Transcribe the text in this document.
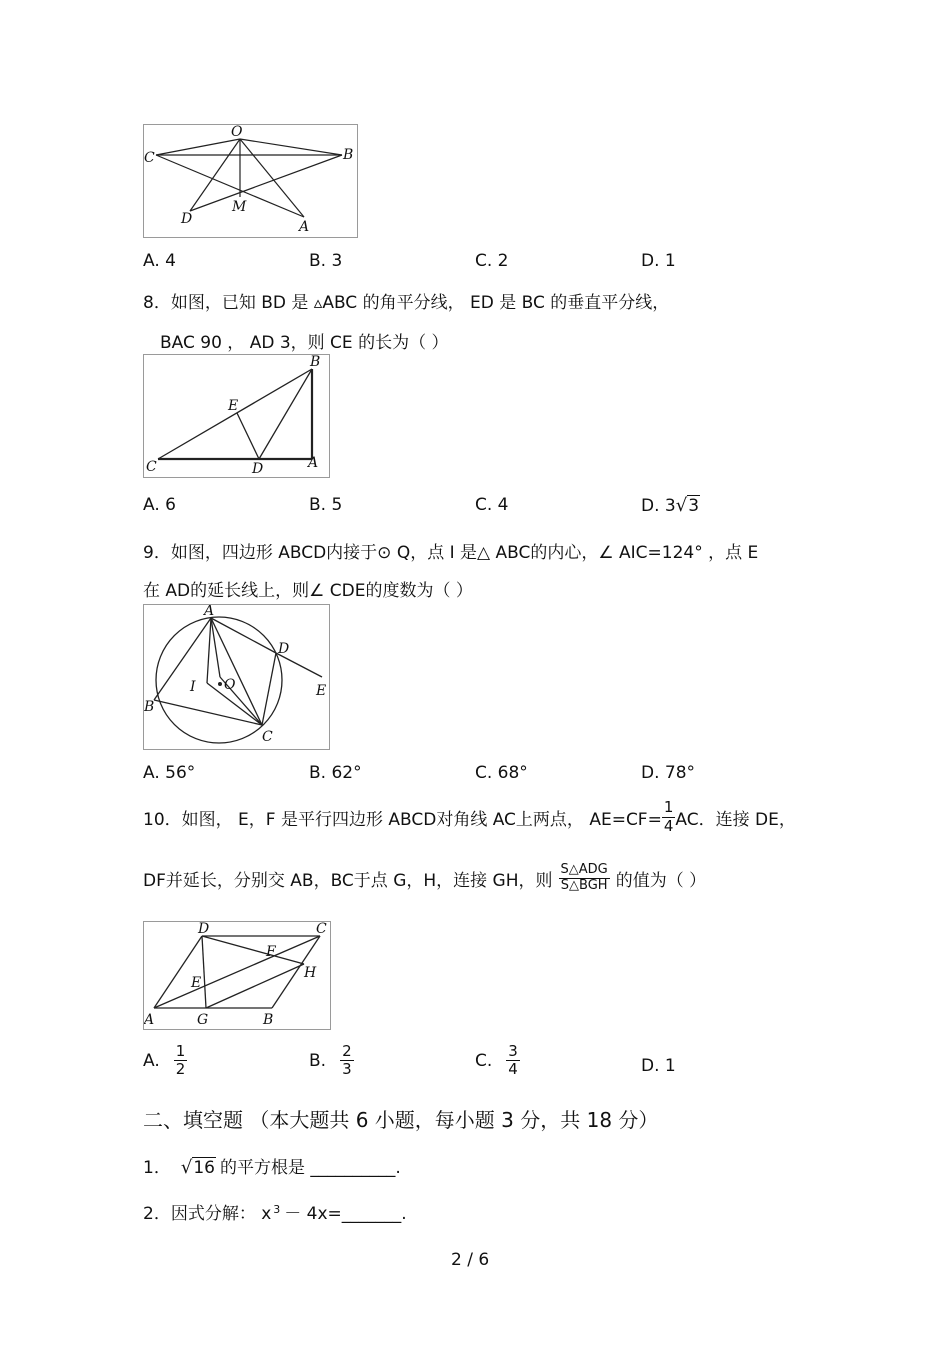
O
C	B
D
M
A
A. 4	B. 3	C. 2	D. 1
8．如图，已知 BD 是 ▵ABC 的角平分线， ED 是 BC 的垂直平分线，
BAC 90 ， AD 3，则 CE 的长为（ ）
B
E
C	D	A
A. 6	B. 5	C. 4	D. 3√3
9．如图，四边形 ABCD内接于⊙ Q，点 I 是△ ABC的内心，∠ AIC=124° ，点 E
在 AD的延长线上，则∠ CDE的度数为（ ）
A
D
I O	E
B
C
A. 56°	B. 62°	C. 68°	D. 78°
10．如图， E，F 是平行四边形 ABCD对角线 AC上两点， $AE=CF= \frac{1}{4}$ AC．连接 DE，
DF并延长，分别交 AB，BC于点 G，H，连接 GH，则 $\frac{\text{S△ADG}}{\text{S△BGH}}$ 的值为（ ）
D	C
F
H
E
A	G	B
A. $\frac{1}{2}$	B. $\frac{2}{3}$	C. $\frac{3}{4}$	D. 1
二、填空题 （本大题共 6 小题，每小题 3 分，共 18 分）
1． √ 16 的平方根是 __________.
2．因式分解： $x^3$ － 4x=_______.
2 / 6
